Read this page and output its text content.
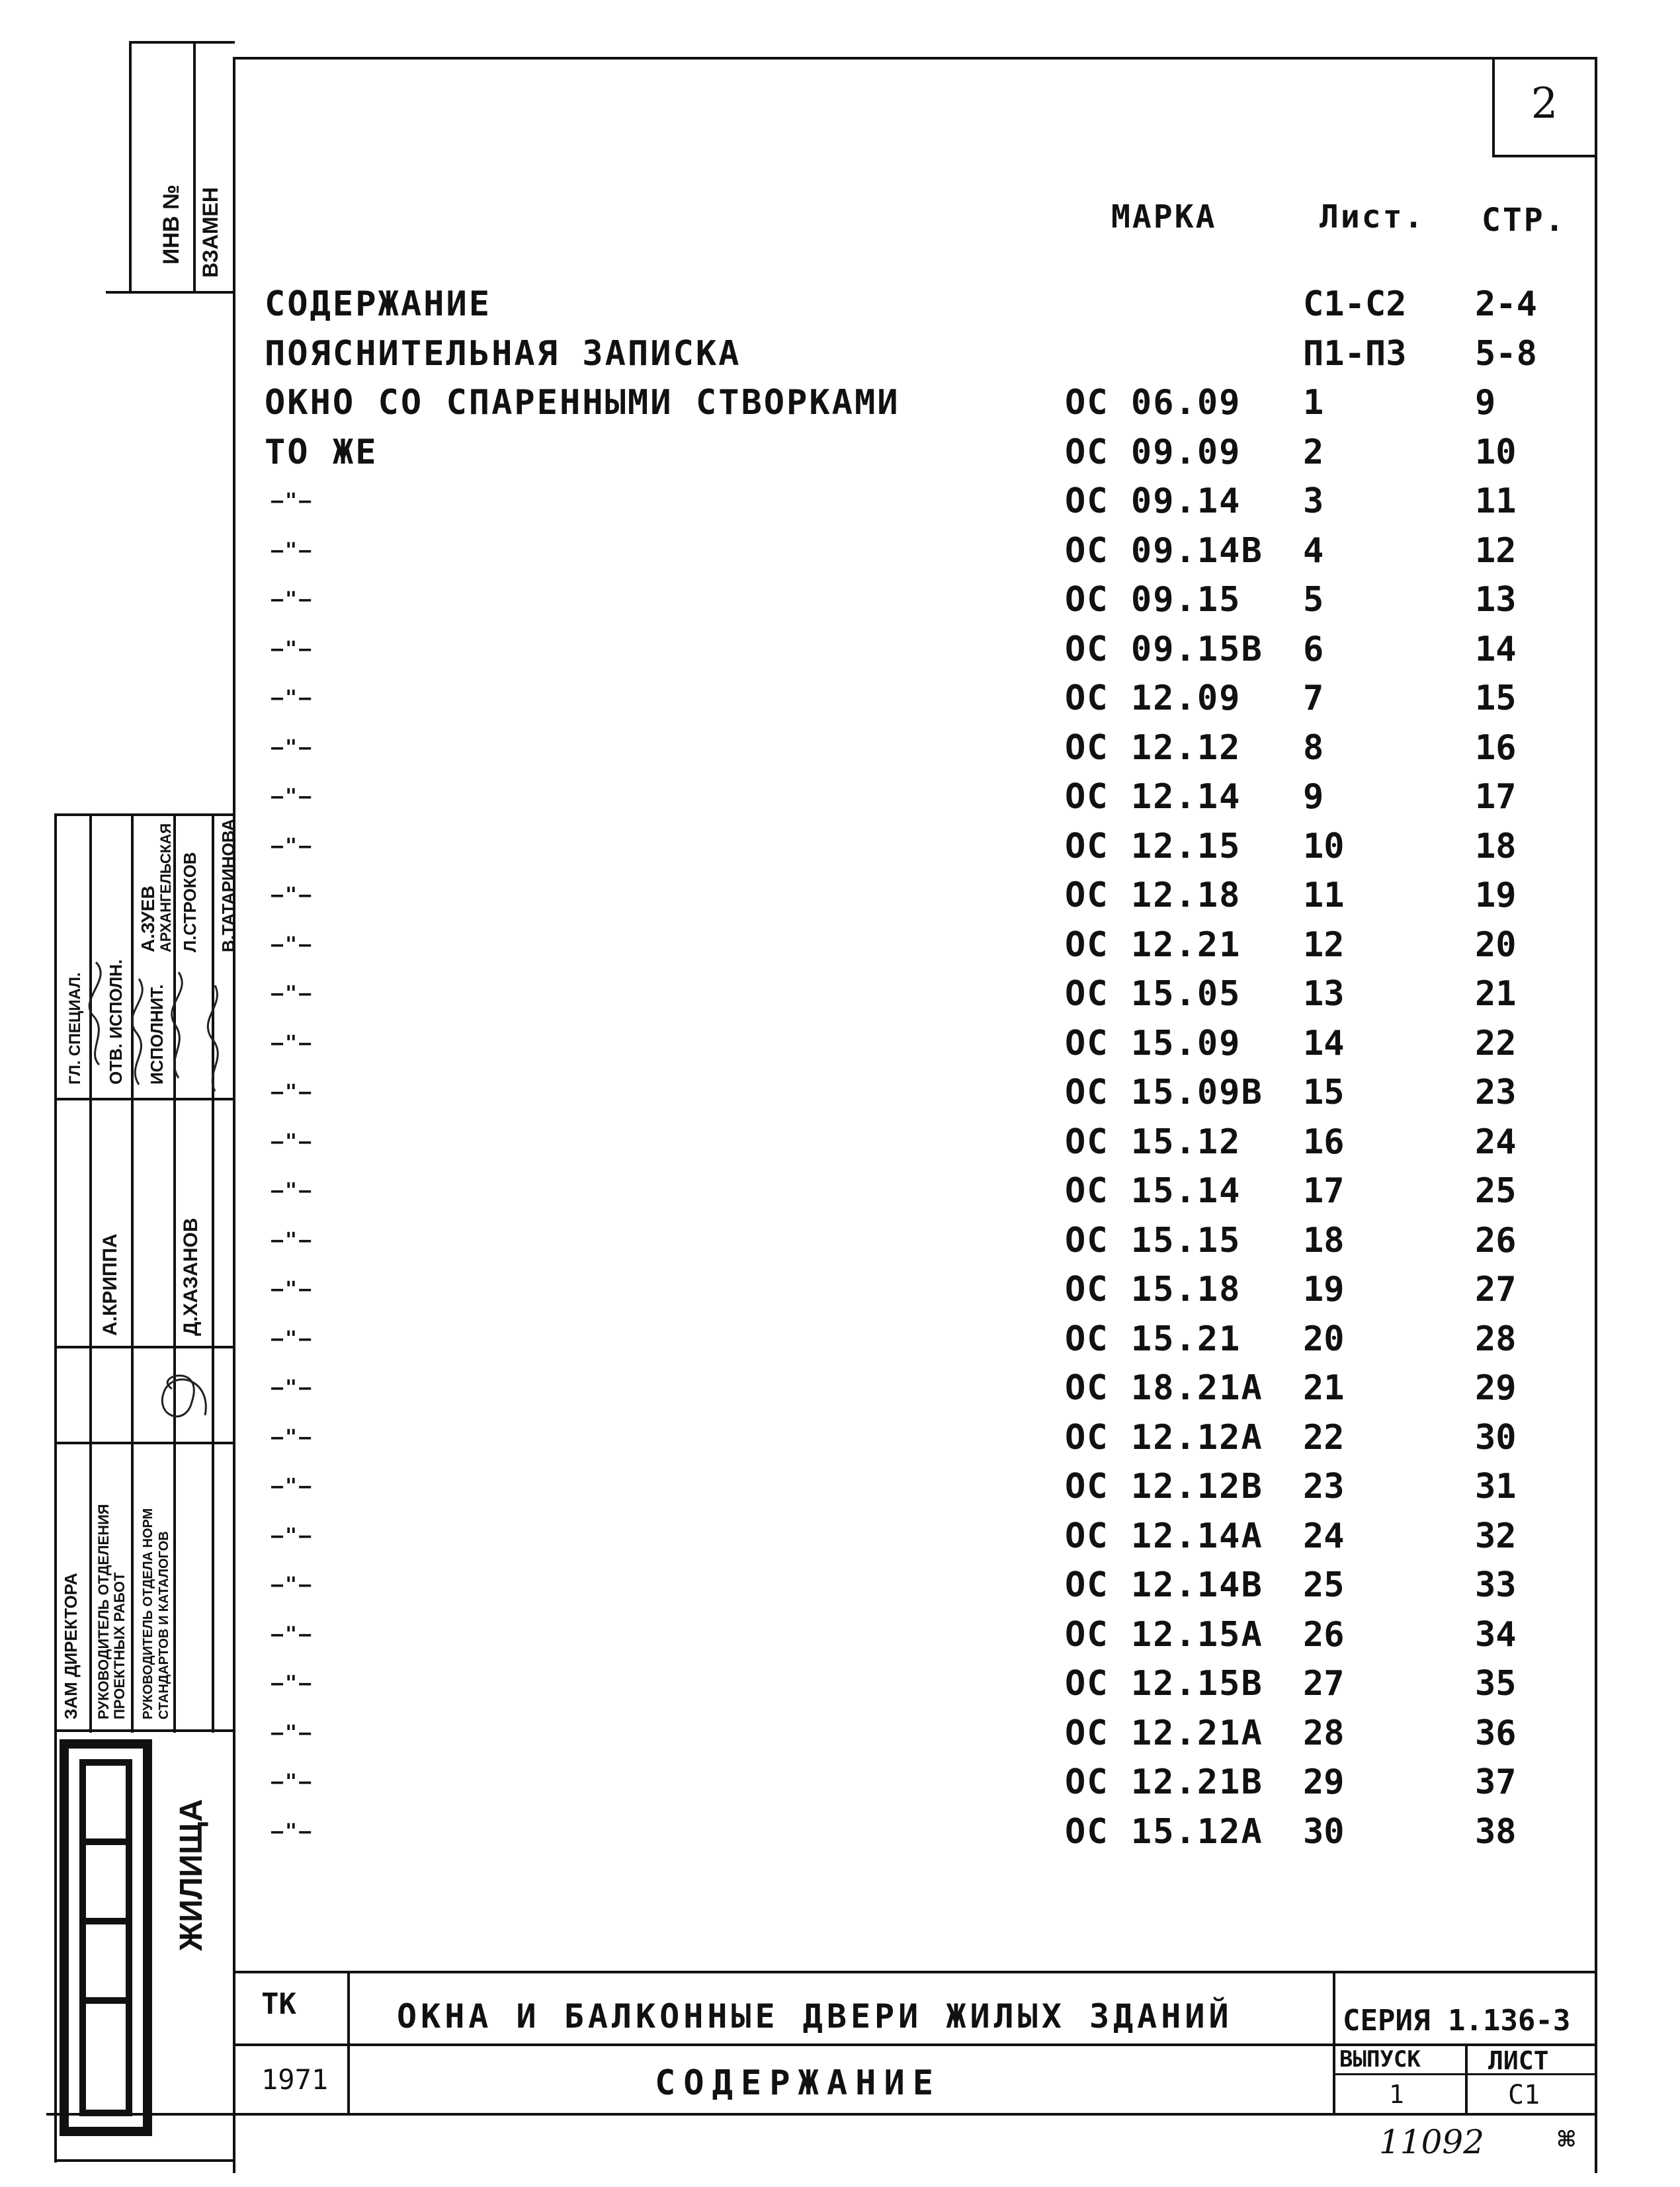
2
МАРКА	Лист. СТР.
СОДЕРЖАНИЕ	С1-С2	2-4
ПОЯСНИТЕЛЬНАЯ ЗАПИСКА	П1-П3	5-8
ОКНО СО СПАРЕННЫМИ СТВОРКАМИ	ОС 06.09 1	9
ТО ЖЕ	ОС 09.09 2	10
—"—	ОС 09.14 3	11
—"—	ОС 09.14В 4	12
—"—	ОС 09.15 5	13
—"—	ОС 09.15В 6	14
—"—	ОС 12.09 7	15
—"—	ОС 12.12 8	16
—"—	ОС 12.14 9	17
—"—	ОС 12.15 10	18
—"—	ОС 12.18 11	19
—"—	ОС 12.21 12	20
—"—	ОС 15.05 13	21
—"—	ОС 15.09 14	22
—"—	ОС 15.09В 15	23
—"—	ОС 15.12 16	24
—"—	ОС 15.14 17	25
—"—	ОС 15.15 18	26
—"—	ОС 15.18 19	27
—"—	ОС 15.21 20	28
—"—	ОС 18.21А 21	29
—"—	ОС 12.12А 22	30
—"—	ОС 12.12В 23	31
—"—	ОС 12.14А 24	32
—"—	ОС 12.14В 25	33
—"—	ОС 12.15А 26	34
—"—	ОС 12.15В 27	35
—"—	ОС 12.21А 28	36
—"—	ОС 12.21В 29	37
—"—	ОС 15.12А 30	38
ИНВ № ВЗАМЕН
ГЛ. СПЕЦИАЛ. ОТВ. ИСПОЛН. ИСПОЛНИТ.
ЗАМ ДИРЕКТОРА РУКОВОДИТЕЛЬ ОТДЕЛЕНИЯ ПРОЕКТНЫХ РАБОТ РУКОВОДИТЕЛЬ ОТДЕЛА НОРМ СТАНДАРТОВ И КАТАЛОГОВ
А.КРИППА	Д.ХАЗАНОВ
А.ЗУЕВ АРХАНГЕЛЬСКАЯ Л.СТРОКОВ В.ТАТАРИНОВА
ЖИЛИЩА
ТК
1971
ОКНА И БАЛКОННЫЕ ДВЕРИ ЖИЛЫХ ЗДАНИЙ
СОДЕРЖАНИЕ
СЕРИЯ 1.136-3
ВЫПУСК
1
ЛИСТ
С1
11092	⌘
